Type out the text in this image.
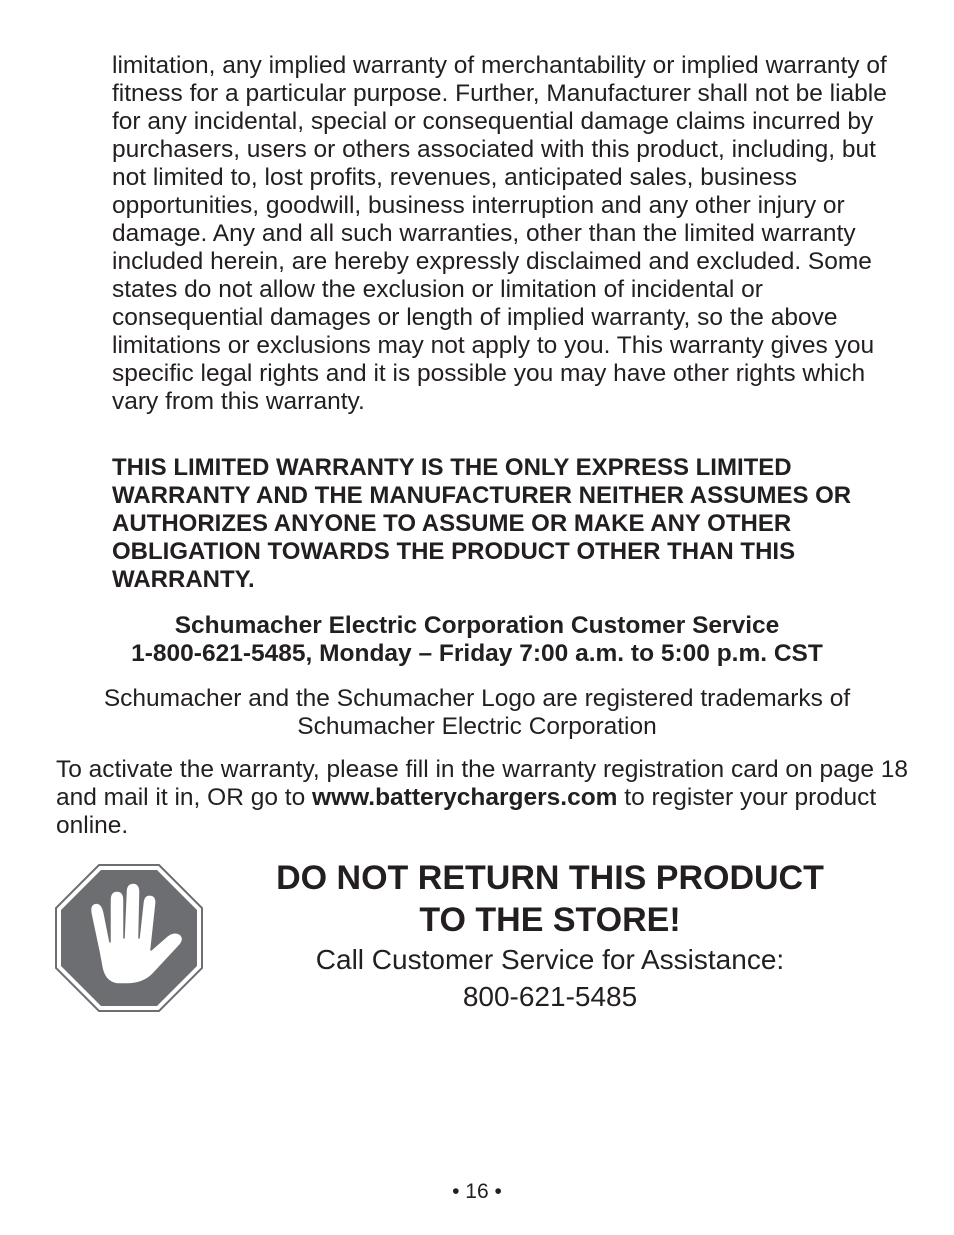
limitation, any implied warranty of merchantability or implied warranty of fitness for a particular purpose. Further, Manufacturer shall not be liable for any incidental, special or consequential damage claims incurred by purchasers, users or others associated with this product, including, but not limited to, lost profits, revenues, anticipated sales, business opportunities, goodwill, business interruption and any other injury or damage. Any and all such warranties, other than the limited warranty included herein, are hereby expressly disclaimed and excluded. Some states do not allow the exclusion or limitation of incidental or consequential damages or length of implied warranty, so the above limitations or exclusions may not apply to you. This warranty gives you specific legal rights and it is possible you may have other rights which vary from this warranty.

THIS LIMITED WARRANTY IS THE ONLY EXPRESS LIMITED WARRANTY AND THE MANUFACTURER NEITHER ASSUMES OR AUTHORIZES ANYONE TO ASSUME OR MAKE ANY OTHER OBLIGATION TOWARDS THE PRODUCT OTHER THAN THIS WARRANTY.

Schumacher Electric Corporation Customer Service
1-800-621-5485, Monday – Friday 7:00 a.m. to 5:00 p.m. CST
Schumacher and the Schumacher Logo are registered trademarks of
Schumacher Electric Corporation

To activate the warranty, please fill in the warranty registration card on page 18 and mail it in, OR go to www.batterychargers.com to register your product online.

DO NOT RETURN THIS PRODUCT

TO THE STORE!

Call Customer Service for Assistance:

800-621-5485

• 16 •
